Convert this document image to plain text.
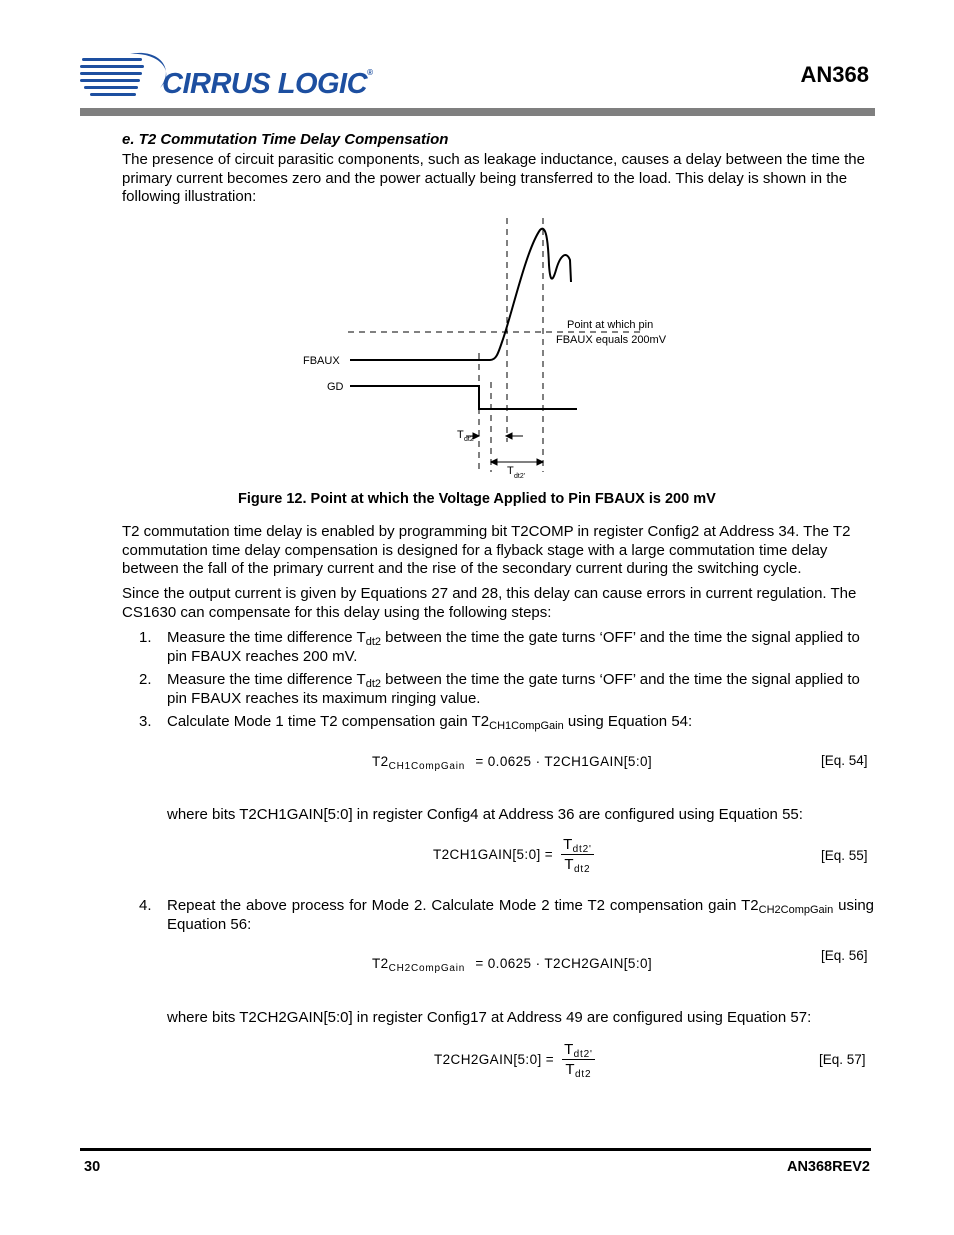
CIRRUS LOGIC®	AN368
e. T2 Commutation Time Delay Compensation

The presence of circuit parasitic components, such as leakage inductance, causes a delay between the time the primary current becomes zero and the power actually being transferred to the load. This delay is shown in the following illustration:

FBAUX
GD
Point at which pin
FBAUX equals 200mV
T dt2
T dt2'
Figure 12. Point at which the Voltage Applied to Pin FBAUX is 200 mV

T2 commutation time delay is enabled by programming bit T2COMP in register Config2 at Address 34. The T2 commutation time delay compensation is designed for a flyback stage with a large commutation time delay between the fall of the primary current and the rise of the secondary current during the switching cycle.

Since the output current is given by Equations 27 and 28, this delay can cause errors in current regulation. The CS1630 can compensate for this delay using the following steps:

1.	Measure the time difference $T_{dt2}$ between the time the gate turns ‘OFF’ and the time the signal applied to pin FBAUX reaches 200 mV.
2.	Measure the time difference $T_{dt2}$ between the time the gate turns ‘OFF’ and the time the signal applied to pin FBAUX reaches its maximum ringing value.
3.	Calculate Mode 1 time T2 compensation gain $T2_{CH1CompGain}$ using Equation 54:
$T2_{CH1CompGain} = 0.0625$ · T2CH1GAIN[5:0]	[Eq. 54]
where bits T2CH1GAIN[5:0] in register Config4 at Address 36 are configured using Equation 55:
T2CH1GAIN[5:0] = $\frac{T_{dt2'}}{T_{dt2}}$	[Eq. 55]
4.	Repeat the above process for Mode 2. Calculate Mode 2 time T2 compensation gain $T2_{CH2CompGain}$ using Equation 56:
$T2_{CH2CompGain} = 0.0625$ · T2CH2GAIN[5:0]
[Eq. 56]
where bits T2CH2GAIN[5:0] in register Config17 at Address 49 are configured using Equation 57:
T2CH2GAIN[5:0] = $\frac{T_{dt2'}}{T_{dt2}}$	[Eq. 57]
30	AN368REV2
